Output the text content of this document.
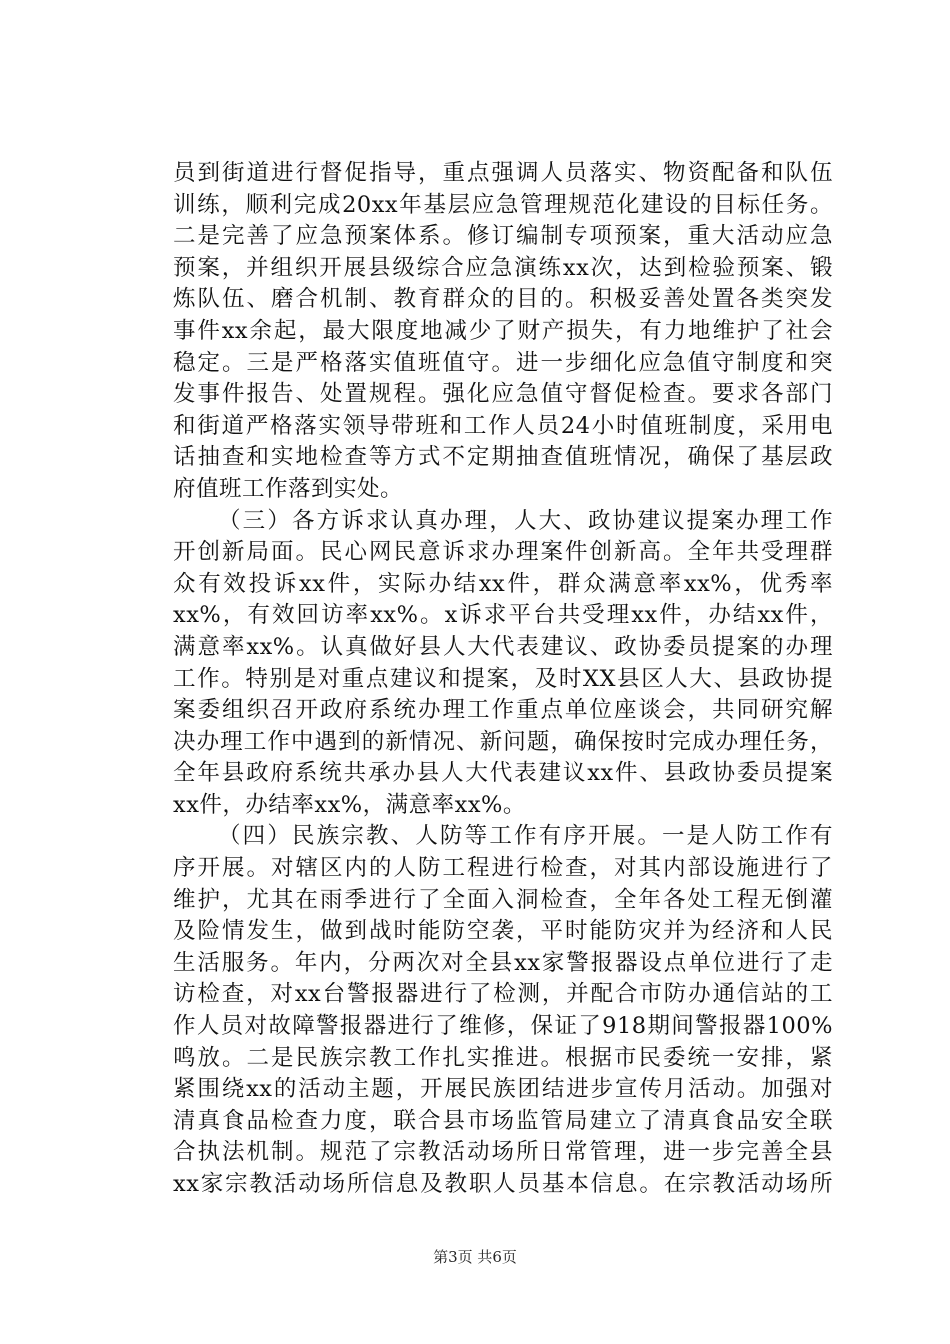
员到街道进行督促指导，重点强调人员落实、物资配备和队伍
训练，顺利完成20xx年基层应急管理规范化建设的目标任务。
二是完善了应急预案体系。修订编制专项预案，重大活动应急
预案，并组织开展县级综合应急演练xx次，达到检验预案、锻
炼队伍、磨合机制、教育群众的目的。积极妥善处置各类突发
事件xx余起，最大限度地减少了财产损失，有力地维护了社会
稳定。三是严格落实值班值守。进一步细化应急值守制度和突
发事件报告、处置规程。强化应急值守督促检查。要求各部门
和街道严格落实领导带班和工作人员24小时值班制度，采用电
话抽查和实地检查等方式不定期抽查值班情况，确保了基层政
府值班工作落到实处。
（三）各方诉求认真办理，人大、政协建议提案办理工作
开创新局面。民心网民意诉求办理案件创新高。全年共受理群
众有效投诉xx件，实际办结xx件，群众满意率xx%，优秀率
xx%，有效回访率xx%。x诉求平台共受理xx件，办结xx件，
满意率xx%。认真做好县人大代表建议、政协委员提案的办理
工作。特别是对重点建议和提案，及时XX县区人大、县政协提
案委组织召开政府系统办理工作重点单位座谈会，共同研究解
决办理工作中遇到的新情况、新问题，确保按时完成办理任务，
全年县政府系统共承办县人大代表建议xx件、县政协委员提案
xx件，办结率xx%，满意率xx%。
（四）民族宗教、人防等工作有序开展。一是人防工作有
序开展。对辖区内的人防工程进行检查，对其内部设施进行了
维护，尤其在雨季进行了全面入洞检查，全年各处工程无倒灌
及险情发生，做到战时能防空袭，平时能防灾并为经济和人民
生活服务。年内，分两次对全县xx家警报器设点单位进行了走
访检查，对xx台警报器进行了检测，并配合市防办通信站的工
作人员对故障警报器进行了维修，保证了918期间警报器100%
鸣放。二是民族宗教工作扎实推进。根据市民委统一安排，紧
紧围绕xx的活动主题，开展民族团结进步宣传月活动。加强对
清真食品检查力度，联合县市场监管局建立了清真食品安全联
合执法机制。规范了宗教活动场所日常管理，进一步完善全县
xx家宗教活动场所信息及教职人员基本信息。在宗教活动场所
第3页 共6页
